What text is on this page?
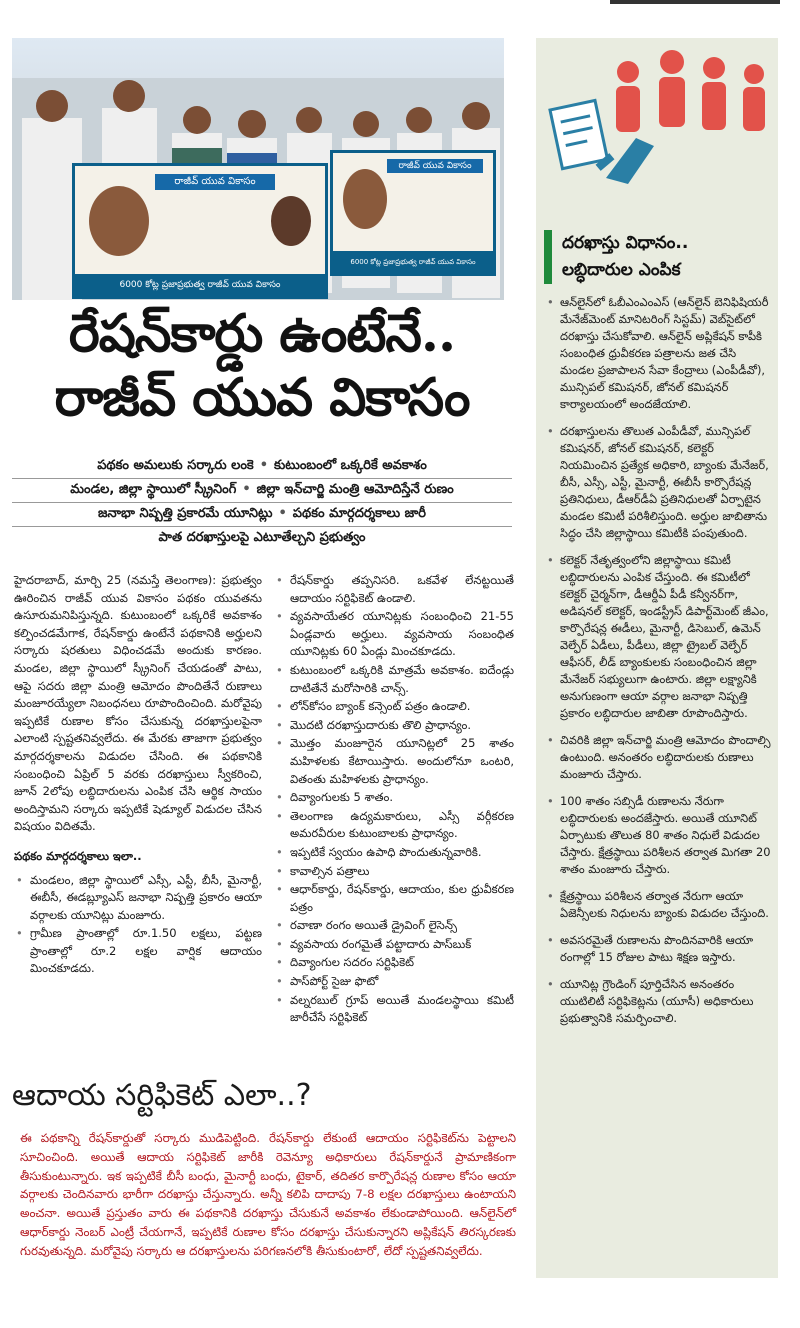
రాజీవ్ యువ వికాసం
6000 కోట్ల ప్రజాప్రభుత్వ రాజీవ్ యువ వికాసం
రాజీవ్ యువ వికాసం
6000 కోట్ల ప్రజాప్రభుత్వ రాజీవ్ యువ వికాసం
రేషన్‌కార్డు ఉంటేనే..
రాజీవ్ యువ వికాసం
పథకం అమలుకు సర్కారు లంకె • కుటుంబంలో ఒక్కరికే అవకాశం
మండల, జిల్లా స్థాయిలో స్క్రీనింగ్ • జిల్లా ఇన్‌చార్జి మంత్రి ఆమోదిస్తేనే రుణం
జనాభా నిష్పత్తి ప్రకారమే యూనిట్లు • పథకం మార్గదర్శకాలు జారీ
పాత దరఖాస్తులపై ఎటూతేల్చని ప్రభుత్వం

హైదరాబాద్, మార్చి 25 (నమస్తే తెలంగాణ): ప్రభుత్వం ఊరించిన రాజీవ్ యువ వికాసం పథకం యువతను ఉసూరుమనిపిస్తున్నది. కుటుంబంలో ఒక్కరికే అవకాశం కల్పించడమేగాక, రేషన్‌కార్డు ఉంటేనే పథకానికి అర్హులని సర్కారు షరతులు విధించడమే అందుకు కారణం. మండల, జిల్లా స్థాయిలో స్క్రీనింగ్ చేయడంతో పాటు, ఆపై సదరు జిల్లా మంత్రి ఆమోదం పొందితేనే రుణాలు మంజూరయ్యేలా నిబంధనలు రూపొందించింది. మరోవైపు ఇప్పటికే రుణాల కోసం చేసుకున్న దరఖాస్తులపైనా ఎలాంటి స్పష్టతనివ్వలేదు. ఈ మేరకు తాజాగా ప్రభుత్వం మార్గదర్శకాలను విడుదల చేసింది. ఈ పథకానికి సంబంధించి ఏప్రిల్ 5 వరకు దరఖాస్తులు స్వీకరించి, జూన్ 2లోపు లబ్ధిదారులను ఎంపిక చేసి ఆర్థిక సాయం అందిస్తామని సర్కారు ఇప్పటికే షెడ్యూల్ విడుదల చేసిన విషయం విదితమే.

పథకం మార్గదర్శకాలు ఇలా..
• మండలం, జిల్లా స్థాయిలో ఎస్సీ, ఎస్టీ, బీసీ, మైనార్టీ, ఈబీసీ, ఈడబ్ల్యూఎస్ జనాభా నిష్పత్తి ప్రకారం ఆయా వర్గాలకు యూనిట్లు మంజూరు.
• గ్రామీణ ప్రాంతాల్లో రూ.1.50 లక్షలు, పట్టణ ప్రాంతాల్లో రూ.2 లక్షల వార్షిక ఆదాయం మించకూడదు.
• రేషన్‌కార్డు తప్పనిసరి. ఒకవేళ లేనట్టయితే ఆదాయం సర్టిఫికెట్ ఉండాలి.
• వ్యవసాయేతర యూనిట్లకు సంబంధించి 21-55 ఏండ్లవారు అర్హులు. వ్యవసాయ సంబంధిత యూనిట్లకు 60 ఏండ్లు మించకూడదు.
• కుటుంబంలో ఒక్కరికి మాత్రమే అవకాశం. ఐదేండ్లు దాటితేనే మరోసారికి చాన్స్.
• లోన్‌కోసం బ్యాంక్ కన్సెంట్ పత్రం ఉండాలి.
• మొదటి దరఖాస్తుదారుకు తొలి ప్రాధాన్యం.
• మొత్తం మంజూరైన యూనిట్లలో 25 శాతం మహిళలకు కేటాయిస్తారు. అందులోనూ ఒంటరి, వితంతు మహిళలకు ప్రాధాన్యం.
• దివ్యాంగులకు 5 శాతం.
• తెలంగాణ ఉద్యమకారులు, ఎస్సీ వర్గీకరణ అమరవీరుల కుటుంబాలకు ప్రాధాన్యం.
• ఇప్పటికే స్వయం ఉపాధి పొందుతున్నవారికి.
• కావాల్సిన పత్రాలు
• ఆధార్‌కార్డు, రేషన్‌కార్డు, ఆదాయం, కుల ధ్రువీకరణ పత్రం
• రవాణా రంగం అయితే డ్రైవింగ్ లైసెన్స్
• వ్యవసాయ రంగమైతే పట్టాదారు పాస్‌బుక్
• దివ్యాంగుల సదరం సర్టిఫికెట్
• పాస్‌పోర్ట్ సైజు ఫొటో
• వల్నరబుల్ గ్రూప్ అయితే మండలస్థాయి కమిటీ జారీచేసే సర్టిఫికెట్
ఆదాయ సర్టిఫికెట్ ఎలా..?

ఈ పథకాన్ని రేషన్‌కార్డుతో సర్కారు ముడిపెట్టింది. రేషన్‌కార్డు లేకుంటే ఆదాయం సర్టిఫికెట్‌ను పెట్టాలని సూచించింది. అయితే ఆదాయ సర్టిఫికెట్ జారీకి రెవెన్యూ అధికారులు రేషన్‌కార్డునే ప్రామాణికంగా తీసుకుంటున్నారు. ఇక ఇప్పటికే బీసీ బంధు, మైనార్టీ బంధు, టైకార్, తదితర కార్పొరేషన్ల రుణాల కోసం ఆయా వర్గాలకు చెందినవారు భారీగా దరఖాస్తు చేస్తున్నారు. అన్నీ కలిపి దాదాపు 7-8 లక్షల దరఖాస్తులు ఉంటాయని అంచనా. అయితే ప్రస్తుతం వారు ఈ పథకానికి దరఖాస్తు చేసుకునే అవకాశం లేకుండాపోయింది. ఆన్‌లైన్‌లో ఆధార్‌కార్డు నెంబర్ ఎంట్రీ చేయగానే, ఇప్పటికే రుణాల కోసం దరఖాస్తు చేసుకున్నారని అప్లికేషన్ తిరస్కరణకు గురవుతున్నది. మరోవైపు సర్కారు ఆ దరఖాస్తులను పరిగణనలోకి తీసుకుంటారో, లేదో స్పష్టతనివ్వలేదు.

దరఖాస్తు విధానం..
లబ్ధిదారుల ఎంపిక
• ఆన్‌లైన్‌లో ఓబీఎంఎంఎస్ (ఆన్‌లైన్ బెనిఫిషియరీ మేనేజ్‌మెంట్ మానిటరింగ్ సిస్టమ్) వెబ్‌సైట్‌లో దరఖాస్తు చేసుకోవాలి. ఆన్‌లైన్ అప్లికేషన్ కాపీకి సంబంధిత ధ్రువీకరణ పత్రాలను జత చేసి మండల ప్రజాపాలన సేవా కేంద్రాలు (ఎంపీడీవో), మున్సిపల్ కమిషనర్, జోనల్ కమిషనర్ కార్యాలయంలో అందజేయాలి.
• దరఖాస్తులను తొలుత ఎంపీడీవో, మున్సిపల్ కమిషనర్, జోనల్ కమిషనర్, కలెక్టర్ నియమించిన ప్రత్యేక అధికారి, బ్యాంకు మేనేజర్, బీసీ, ఎస్సీ, ఎస్టీ, మైనార్టీ, ఈబీసీ కార్పొరేషన్ల ప్రతినిధులు, డీఆర్‌డీఏ ప్రతినిధులతో ఏర్పాటైన మండల కమిటీ పరిశీలిస్తుంది. అర్హుల జాబితాను సిద్ధం చేసి జిల్లాస్థాయి కమిటీకి పంపుతుంది.
• కలెక్టర్ నేతృత్వంలోని జిల్లాస్థాయి కమిటీ లబ్ధిదారులను ఎంపిక చేస్తుంది. ఈ కమిటీలో కలెక్టర్ చైర్మన్‌గా, డీఆర్డీఏ పీడీ కన్వీనర్‌గా, అడిషనల్ కలెక్టర్, ఇండస్ట్రీస్ డిపార్ట్‌మెంట్ జీఎం, కార్పొరేషన్ల ఈడీలు, మైనార్టీ, డిసెబుల్, ఉమెన్ వెల్ఫేర్ ఏడీలు, పీడీలు, జిల్లా ట్రైబల్ వెల్ఫేర్ ఆఫీసర్, లీడ్ బ్యాంకులకు సంబంధించిన జిల్లా మేనేజర్ సభ్యులుగా ఉంటారు. జిల్లా లక్ష్యానికి అనుగుణంగా ఆయా వర్గాల జనాభా నిష్పత్తి ప్రకారం లబ్ధిదారుల జాబితా రూపొందిస్తారు.
• చివరికి జిల్లా ఇన్‌చార్జి మంత్రి ఆమోదం పొందాల్సి ఉంటుంది. అనంతరం లబ్ధిదారులకు రుణాలు మంజూరు చేస్తారు.
• 100 శాతం సబ్సిడీ రుణాలను నేరుగా లబ్ధిదారులకు అందజేస్తారు. అయితే యూనిట్ ఏర్పాటుకు తొలుత 80 శాతం నిధులే విడుదల చేస్తారు. క్షేత్రస్థాయి పరిశీలన తర్వాత మిగతా 20 శాతం మంజూరు చేస్తారు.
• క్షేత్రస్థాయి పరిశీలన తర్వాత నేరుగా ఆయా ఏజెన్సీలకు నిధులను బ్యాంకు విడుదల చేస్తుంది.
• అవసరమైతే రుణాలను పొందినవారికి ఆయా రంగాల్లో 15 రోజుల పాటు శిక్షణ ఇస్తారు.
• యూనిట్ల గ్రౌండింగ్ పూర్తిచేసిన అనంతరం యుటిలిటీ సర్టిఫికెట్లను (యూసీ) అధికారులు ప్రభుత్వానికి సమర్పించాలి.
